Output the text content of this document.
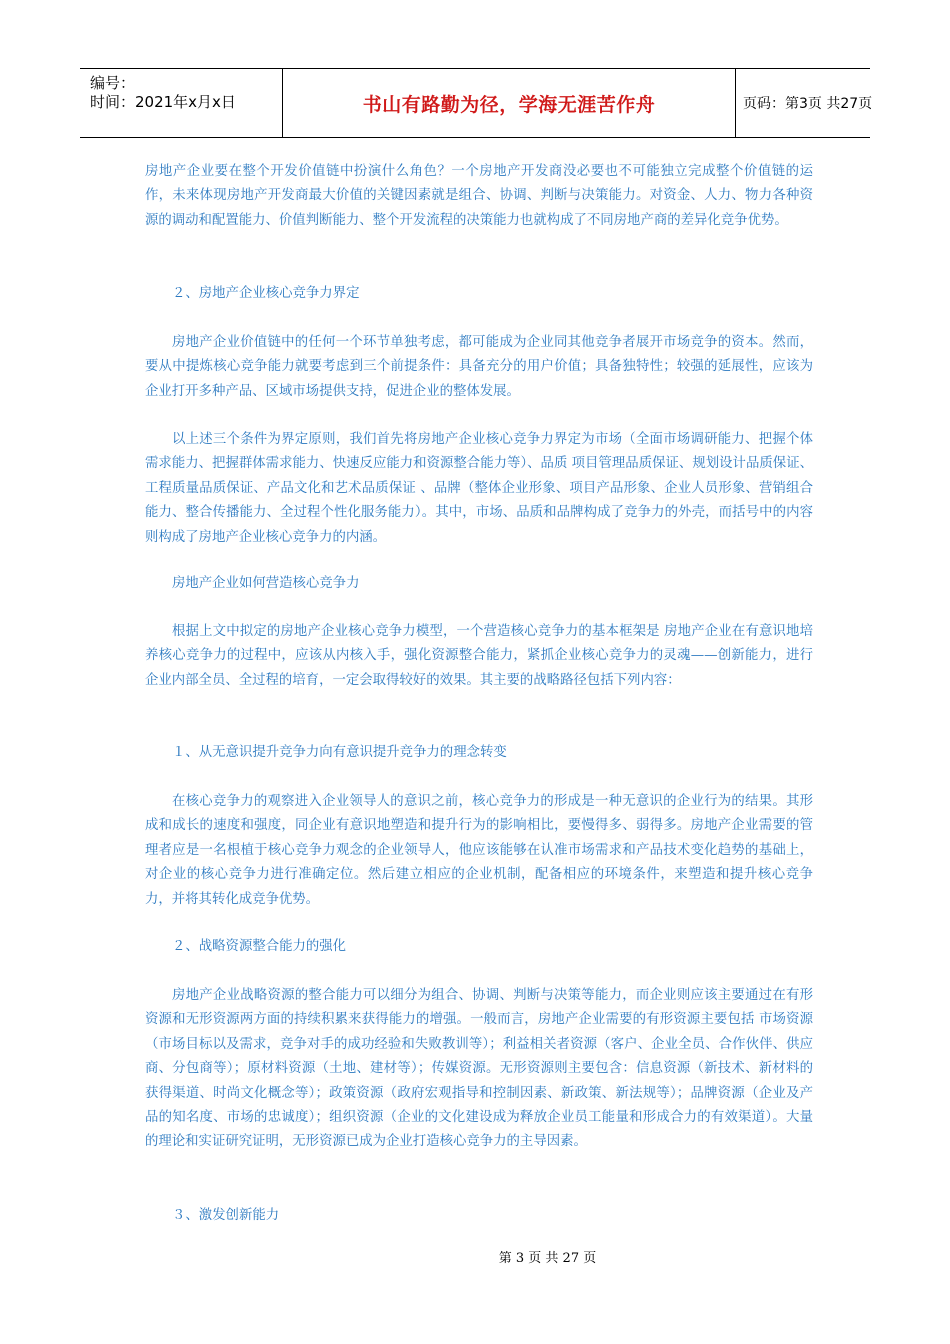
编号：
时间：2021年x月x日	书山有路勤为径，学海无涯苦作舟	页码：第3页 共27页

房地产企业要在整个开发价值链中扮演什么角色？一个房地产开发商没必要也不可能独立完成整个价值链的运作，未来体现房地产开发商最大价值的关键因素就是组合、协调、判断与决策能力。对资金、人力、物力各种资源的调动和配置能力、价值判断能力、整个开发流程的决策能力也就构成了不同房地产商的差异化竞争优势。

２、房地产企业核心竞争力界定

房地产企业价值链中的任何一个环节单独考虑，都可能成为企业同其他竞争者展开市场竞争的资本。然而，要从中提炼核心竞争能力就要考虑到三个前提条件：具备充分的用户价值；具备独特性；较强的延展性，应该为企业打开多种产品、区域市场提供支持，促进企业的整体发展。

以上述三个条件为界定原则，我们首先将房地产企业核心竞争力界定为市场（全面市场调研能力、把握个体需求能力、把握群体需求能力、快速反应能力和资源整合能力等）、品质 项目管理品质保证、规划设计品质保证、工程质量品质保证、产品文化和艺术品质保证 、品牌（整体企业形象、项目产品形象、企业人员形象、营销组合能力、整合传播能力、全过程个性化服务能力）。其中，市场、品质和品牌构成了竞争力的外壳，而括号中的内容则构成了房地产企业核心竞争力的内涵。

房地产企业如何营造核心竞争力

根据上文中拟定的房地产企业核心竞争力模型，一个营造核心竞争力的基本框架是 房地产企业在有意识地培养核心竞争力的过程中，应该从内核入手，强化资源整合能力，紧抓企业核心竞争力的灵魂——创新能力，进行企业内部全员、全过程的培育，一定会取得较好的效果。其主要的战略路径包括下列内容：

１、从无意识提升竞争力向有意识提升竞争力的理念转变

在核心竞争力的观察进入企业领导人的意识之前，核心竞争力的形成是一种无意识的企业行为的结果。其形成和成长的速度和强度，同企业有意识地塑造和提升行为的影响相比，要慢得多、弱得多。房地产企业需要的管理者应是一名根植于核心竞争力观念的企业领导人，他应该能够在认准市场需求和产品技术变化趋势的基础上，对企业的核心竞争力进行准确定位。然后建立相应的企业机制，配备相应的环境条件，来塑造和提升核心竞争力，并将其转化成竞争优势。

２、战略资源整合能力的强化

房地产企业战略资源的整合能力可以细分为组合、协调、判断与决策等能力，而企业则应该主要通过在有形资源和无形资源两方面的持续积累来获得能力的增强。一般而言，房地产企业需要的有形资源主要包括 市场资源（市场目标以及需求，竞争对手的成功经验和失败教训等）；利益相关者资源（客户、企业全员、合作伙伴、供应商、分包商等）；原材料资源（土地、建材等）；传媒资源。无形资源则主要包含：信息资源（新技术、新材料的获得渠道、时尚文化概念等）；政策资源（政府宏观指导和控制因素、新政策、新法规等）；品牌资源（企业及产品的知名度、市场的忠诚度）；组织资源（企业的文化建设成为释放企业员工能量和形成合力的有效渠道）。大量的理论和实证研究证明，无形资源已成为企业打造核心竞争力的主导因素。

３、激发创新能力

第 3 页 共 27 页
